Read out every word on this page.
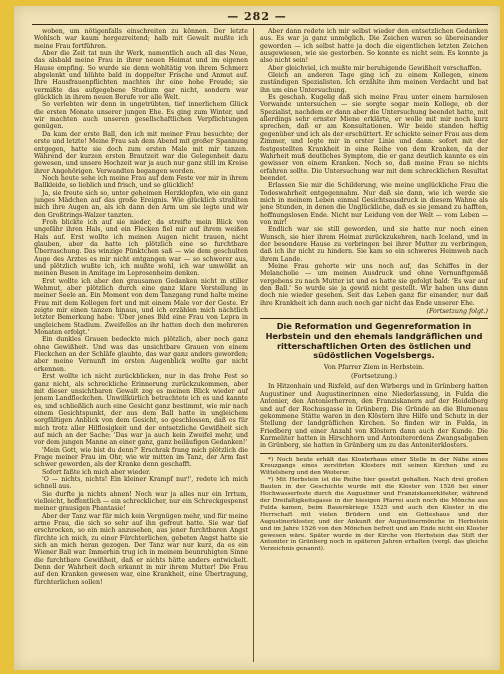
— 282 —

woben, um nötigenfalls einschreiten zu können. Der letzte Wohlsch war kaum hergezreitend; halb mit Gewalt mußte ich meine Frau fortführen.

Aber die Zeit tat nun ihr Werk, namentlich auch all das Neue, das alsbald meine Frau in ihrer neuen Heimat und im eigenen Hause empfing. So wurde sie denn wohltätig von ihrem Schmerz abgelenkt und blühte bald in doppelter Frische und Anmut auf. Ihre Hausfrauenpflichten machten ihr eine hohe Freude; sie vermißte das aufgegebene Studium gar nicht, sondern war glücklich in ihrem neuen Berufe vor alle Welt.

So verlebten wir denn in ungetrübten, tief innerlichem Glück die ersten Monate unserer jungen Ehe. Es ging zum Winter, und wir machten auch unseren gesellschaftlichen Verpflichtungen genügen.

Da kam der erste Ball, den ich mit meiner Frau besuchte; der erste und letzte! Meine Frau sah dem Abend mit großer Spannung entgegen, hatte sie doch zum ersten Male mit mir tanzen. Während der kurzen ersten Brautzeit war die Gelegenheit dazu gewesen, und unsere Hochzeit war ja auch nur ganz still im Kreise ihrer Angehörigen. Verwandten begangen worden.

Noch heute sehe ich meine Frau auf dem Feste vor mir in ihrem Ballkleide, so lieblich und frisch, und so glücklich!

Ja, sie freute sich so, unter geheimen Herzklopfen, wie ein ganz junges Mädchen auf das große Ereignis. Wie glücklich strahlten mich ihre Augen an, als ich dann den Arm um sie legte und wir den Großtrings-Walzer tanzten.

Froh blickte ich auf sie nieder, da streifte mein Blick von ungefähr ihren Hals, und ein Flecken fiel mir auf ihrem weißen Hals auf. Erst wollte ich meinen Augen nicht trauen, nicht glauben, aber da hatte ich plötzlich eine so furchtbare Überraschung. Das winzige Pünktchen saß — wie dem geschulten Auge des Arztes es mir nicht entgangen war — so schwerer aus, und plötzlich wußte ich, ich mußte wohl, ich war umwölkt an meinen Busen in Amitage im Leprosenheim denken.

Erst wollte ich aber den grausamen Gedanken nicht in stiller Wehmut, aber plötzlich durch eine ganz klare Vorstellung in meiner Seele an. Ein Moment von dem Tanzgang rund halte meine Frau mit dem Kollegen fort und mit einem Male vor der Geste. Er zeigte mir einen tanzen hinaus, und ich erzählen mich nächtlich letzter Bemerkung habe: 'Über jenes Bild eine Frau von Lepra in ungleichem Stadium. Zweifellos an ihr hatten doch den mehreren Monaten erfolgt.'

Ein dunkles Grauen bedeckte mich plötzlich, aber noch ganz ohne Gewißheit. Und was das unsichtbare Grauen von einem Fleckchen an der Schläfe glaubte, das war ganz anders geworden; aber meine Vernunft im ersten Augenblick wollte gar nicht erkennen.

Erst wollte ich nicht zurückblicken, nur in das frohe Fest so ganz nicht, als schreckliche Erinnerung zurückzukommen, aber mit dieser unsichtbaren Gewalt zog es meinen Blick wieder auf jenem Landfleckchen. Unwillkürlich betrachtete ich es und kannte es, und schließlich auch eine Gesicht ganz bestimmt, wie mir nach einem Gesichtspunkt, der aus dem Ball hatte in ungleichem sorgfältigen Anblick von dem Gesicht, so geschlossen, daß es für mich trotz aller Hilflosigkeit und der entsetzliche Gewißheit sich auf mich an der Sache: 'Das war ja auch kein Zweifel mehr, und vor dem jungen Manne an einer ganz, ganz beiläufigen Gedanken!'

'Mein Gott, wie bist du denn?' Erschrak frang mich plötzlich die Frage meiner Frau im Ohr, wie wir mitten im Tanz, der Arm fast schwer geworden, als der Kranke denn geschafft.

Sofort faßte ich mich aber wieder.

'O — nichts, nichts! Ein kleiner Krampf nur!', redete ich mich schnell aus.

Sie durfte ja nichts ahnen! Noch war ja alles nur ein Irrtum, vielleicht, hoffentlich — ein schrecklicher, nur ein Schreckgespenst meiner grausigen Phantasie!

Aber der Tanz war für mich kein Vergnügen mehr, und für meine arme Frau, die sich so sehr auf ihn gefreut hatte. Sie war tief erschrocken, so ein mich anzusehen, aus jener furchtbaren Angst fürchte ich mich, zu einer Fürchterlichen, gebeten Angst hatte sie sich an mich heran gezogen. Der Tanz war nur kurz, da es ein Wiener Ball war. Immerhin trug ich in meinem beunruhigten Sinne die furchtbare Gewißheit, daß er nichts hätte anders entwickelt. Denn der Wahrheit doch erkannt in mir ihrem Mutter! Die Frau auf den Kranken gewesen war, eine Krankheit, eine Übertragung, fürchterlichen sollen!

Aber dann redete ich mir selbst wieder den entsetzlichen Gedanken aus. Es war ja ganz unmöglich. Die Zeichen waren so übereinander geworden — ich selbst hatte ja doch die eigentlichen letzten Zeichen ausgewiesen, wie sie gestorben. So konnte es nicht sein. Es konnte ja also nicht sein!

Aber gleichviel, ich mußte mir beruhigende Gewißheit verschaffen.

Gleich an anderen Tage ging ich zu einem Kollegen, einem zuständigen Spezialisten. Ich erzählte ihm meinen Verdacht und bat ihn um eine Untersuchung.

Es geschah. Kugelig daß sich meine Frau unter einem harmlosen Vorwande untersuchen — sie sorgte sogar mein Kollege, ob der Spezialist, nachdem er dann aber die Untersuchung beendet hatte, mit allerdings sehr ernster Miene erklärte, er wolle mit mir noch kurz sprechen, daß er am Konsultationen. Wir beide standen heftig gegenüber und ich als der erschüttert. Er schickte seiner Frau aus dem Zimmer, und legte mir in erster Linie und dann: sofort mit der festgestellten Krankheit in eine Reihe von dem Kranken, da der Wahrheit muß deutliches Symptom, die er ganz deutlich kannte es ein gewisser von einem Kranken. Noch so, daß meine Frau so nichts erfahren sollte. Die Untersuchung war mit dem schrecklichen Resultat beendet.

Erlassen Sie mir die Schilderung, wie meine unglückliche Frau die Todeswahrheit entgegennahm. Nur daß sie dann, wie ich werde sie mich in meinem Leben einmal Gesichtsausdruck in diesem Wahne als jene Stunden, in denen die Unglückliche, daß es sie jemand zu hafften, hoffnungslosen Ende. Nicht nur Leidung von der Welt — vom Leben — von mir!

Endlich war sie still geworden, und sie hatte nur noch einen Wunsch, sie hier ihrem Heimat zurückzukehren, nach Iceland, und in der besondere Hause zu verbringen bei ihrer Mutter zu verbringen, daß ich ihr nicht zu hindern. Sie kam so ein schweres Heimweh nach ihrem Lande.

Meine Frau gehorte wir uns noch auf, das Schiffes in der Melancholie — um meinen Ausdruck und ohne Vernunftgemäß vergebens zu nach Mutter ist und es hatte sie gefolgt bald: 'Es war auf den Ball.' So wurde sie ja gewiß nicht gestellt. Wir haben uns dann doch nie wieder gesehen. Seit das Leben ganz für einander, nur daß ihre Krankheit ich dann auch noch gar nicht das Ende unserer Ehe.

(Fortsetzung folgt.)

Die Reformation und Gegenreformation in Herbstein und den ehemals landgräflichen und ritterschaftlichen Orten des östlichen und südöstlichen Vogelsbergs.
Von Pfarrer Ziem in Herbstein.
(Fortsetzung.)

In Hitzenhain und Rixfeld, auf den Wirbergs und in Grünberg hatten Augustiner und Augustinerinnen eine Niederlassung, in Fulda die Antonier, den Antonierherren, den Franziskanern auf der Heidelberg und auf der Rochusgasse in Grünberg. Die Gründe an die Blumenau gekommene Stätte waren in den Klöstern ihre Hilfe und Schutz in der Stellung der landgräflichen Kirchen. So finden wir in Fulda, in Friedberg und einer Anzahl von Klöstern dann auch der Kunde. Die Karmeliter hatten in Hirschhorn und Antoniterordens Zwangsabgaben in Grünberg, sie hatten in Grünberg um zu das Antoniterklosters.

*) Noch heute erhält das Klosterhaus einer Stelle in der Nähe eines Kreuzgangs eines zerstörten Klosters mit seinen Kirchen und zu Wittelsberg und den Weiterer.

*) Mit Herbstein ist die Reihe hier gesetzt gehalten. Nach drei großen Bauten in der Geschichte wurde mit die Kloster von 1526 bei einer Hochwasserfeste durch die Augustiner und Franziskanerklöster, während der Dreifaltigkeitsgasse in der hiesigen Pfarrei auch noch die Mönche aus Fulda kamen, beim Bauernkriege 1525 und auch den Kloster in die Herrschaft mit vielen Brüdern und ein Gotteshaus und der Augustinerkloster, und der Ankunft der Augustinermönche in Herbstein und im Jahre 1526 von den Mönchen befreit und am Ende nicht ein Kloster gewesen wäre. Später wurde in der Kirche von Herbstein das Stift der Antoniter in Grünberg noch in späteren Jahren erhalten (vergl. das gleiche Verzeichnis genannt).
